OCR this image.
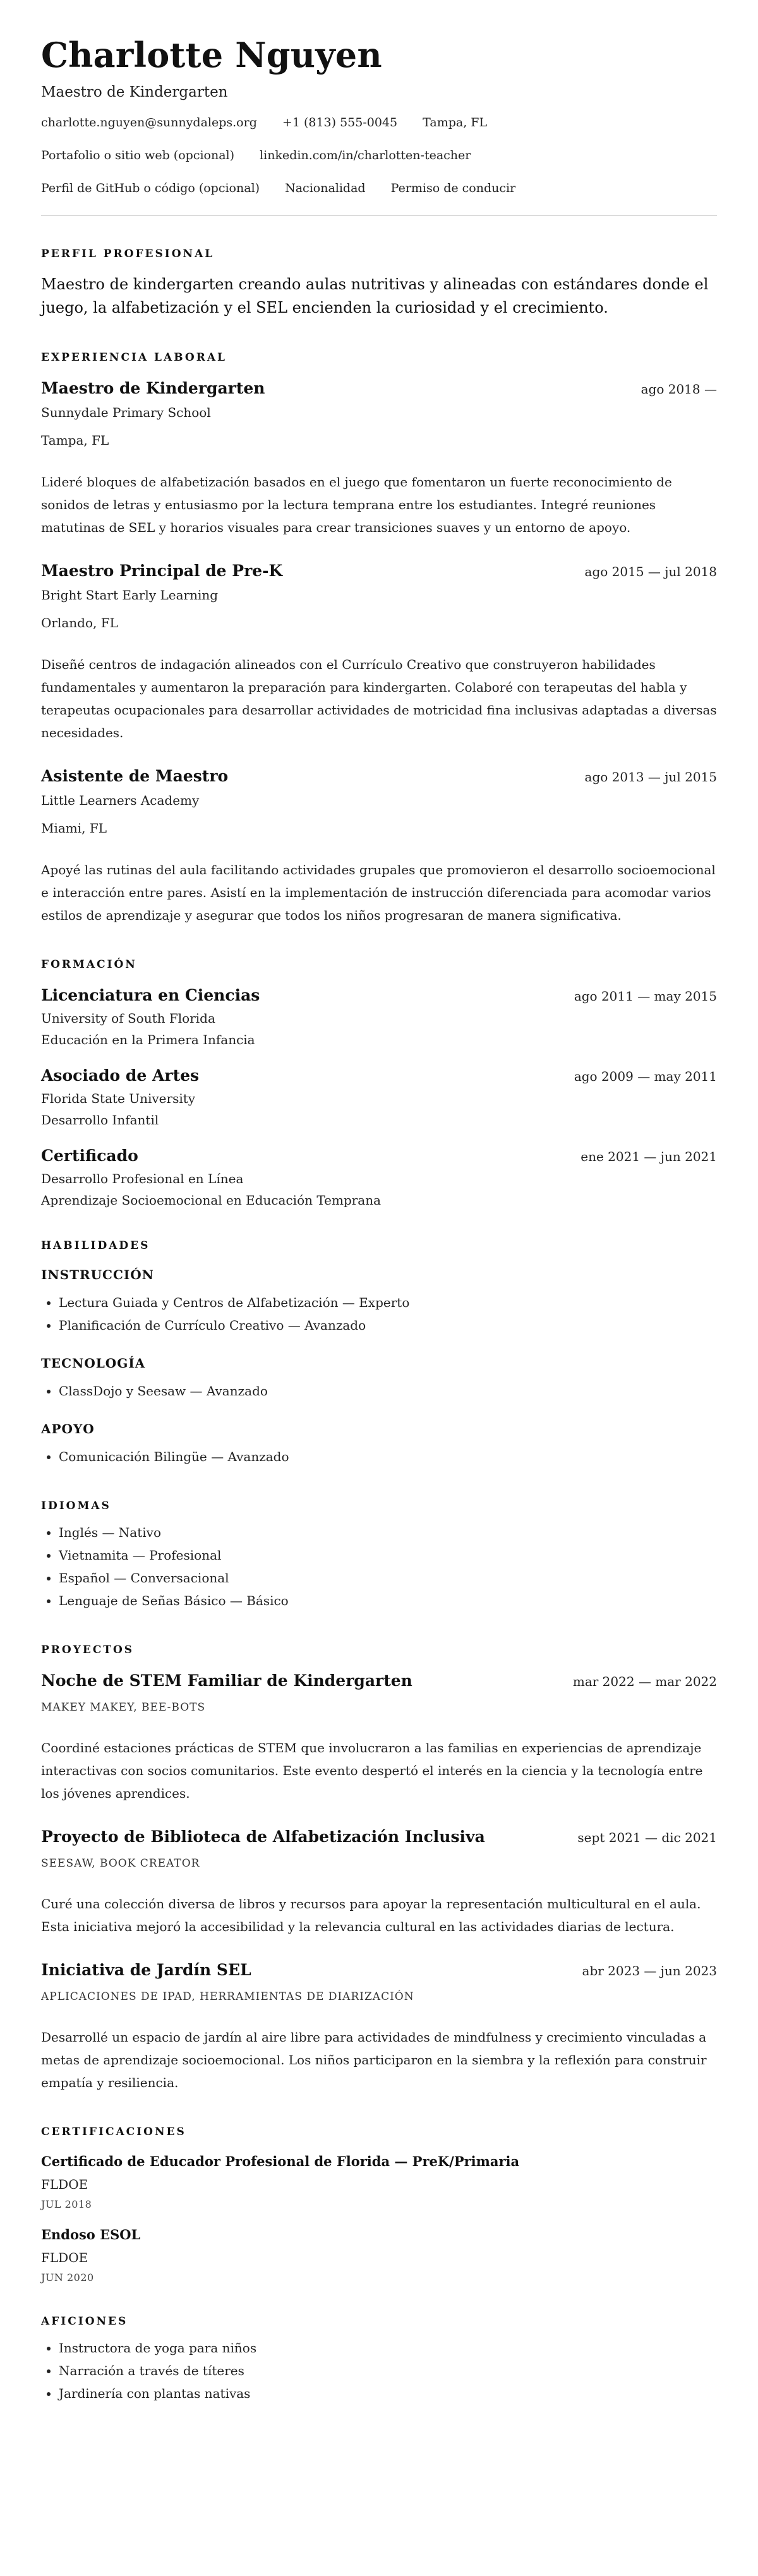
Charlotte Nguyen
Maestro de Kindergarten
charlotte.nguyen@sunnydaleps.org +1 (813) 555-0045 Tampa, FL
Portafolio o sitio web (opcional) linkedin.com/in/charlotten-teacher
Perfil de GitHub o código (opcional) Nacionalidad Permiso de conducir
PERFIL PROFESIONAL
Maestro de kindergarten creando aulas nutritivas y alineadas con estándares donde el juego, la alfabetización y el SEL encienden la curiosidad y el crecimiento.
EXPERIENCIA LABORAL
Maestro de Kindergarten	ago 2018 —
Sunnydale Primary School
Tampa, FL
Lideré bloques de alfabetización basados en el juego que fomentaron un fuerte reconocimiento de sonidos de letras y entusiasmo por la lectura temprana entre los estudiantes. Integré reuniones matutinas de SEL y horarios visuales para crear transiciones suaves y un entorno de apoyo.
Maestro Principal de Pre-K	ago 2015 — jul 2018
Bright Start Early Learning
Orlando, FL
Diseñé centros de indagación alineados con el Currículo Creativo que construyeron habilidades fundamentales y aumentaron la preparación para kindergarten. Colaboré con terapeutas del habla y terapeutas ocupacionales para desarrollar actividades de motricidad fina inclusivas adaptadas a diversas necesidades.
Asistente de Maestro	ago 2013 — jul 2015
Little Learners Academy
Miami, FL
Apoyé las rutinas del aula facilitando actividades grupales que promovieron el desarrollo socioemocional e interacción entre pares. Asistí en la implementación de instrucción diferenciada para acomodar varios estilos de aprendizaje y asegurar que todos los niños progresaran de manera significativa.
FORMACIÓN
Licenciatura en Ciencias	ago 2011 — may 2015
University of South Florida
Educación en la Primera Infancia
Asociado de Artes	ago 2009 — may 2011
Florida State University
Desarrollo Infantil
Certificado	ene 2021 — jun 2021
Desarrollo Profesional en Línea
Aprendizaje Socioemocional en Educación Temprana
HABILIDADES
INSTRUCCIÓN
• Lectura Guiada y Centros de Alfabetización — Experto
• Planificación de Currículo Creativo — Avanzado
TECNOLOGÍA
• ClassDojo y Seesaw — Avanzado
APOYO
• Comunicación Bilingüe — Avanzado
IDIOMAS
• Inglés — Nativo
• Vietnamita — Profesional
• Español — Conversacional
• Lenguaje de Señas Básico — Básico
PROYECTOS
Noche de STEM Familiar de Kindergarten	mar 2022 — mar 2022
MAKEY MAKEY, BEE-BOTS
Coordiné estaciones prácticas de STEM que involucraron a las familias en experiencias de aprendizaje interactivas con socios comunitarios. Este evento despertó el interés en la ciencia y la tecnología entre los jóvenes aprendices.
Proyecto de Biblioteca de Alfabetización Inclusiva	sept 2021 — dic 2021
SEESAW, BOOK CREATOR
Curé una colección diversa de libros y recursos para apoyar la representación multicultural en el aula. Esta iniciativa mejoró la accesibilidad y la relevancia cultural en las actividades diarias de lectura.
Iniciativa de Jardín SEL	abr 2023 — jun 2023
APLICACIONES DE IPAD, HERRAMIENTAS DE DIARIZACIÓN
Desarrollé un espacio de jardín al aire libre para actividades de mindfulness y crecimiento vinculadas a metas de aprendizaje socioemocional. Los niños participaron en la siembra y la reflexión para construir empatía y resiliencia.
CERTIFICACIONES
Certificado de Educador Profesional de Florida — PreK/Primaria
FLDOE
JUL 2018
Endoso ESOL
FLDOE
JUN 2020
AFICIONES
• Instructora de yoga para niños
• Narración a través de títeres
• Jardinería con plantas nativas
